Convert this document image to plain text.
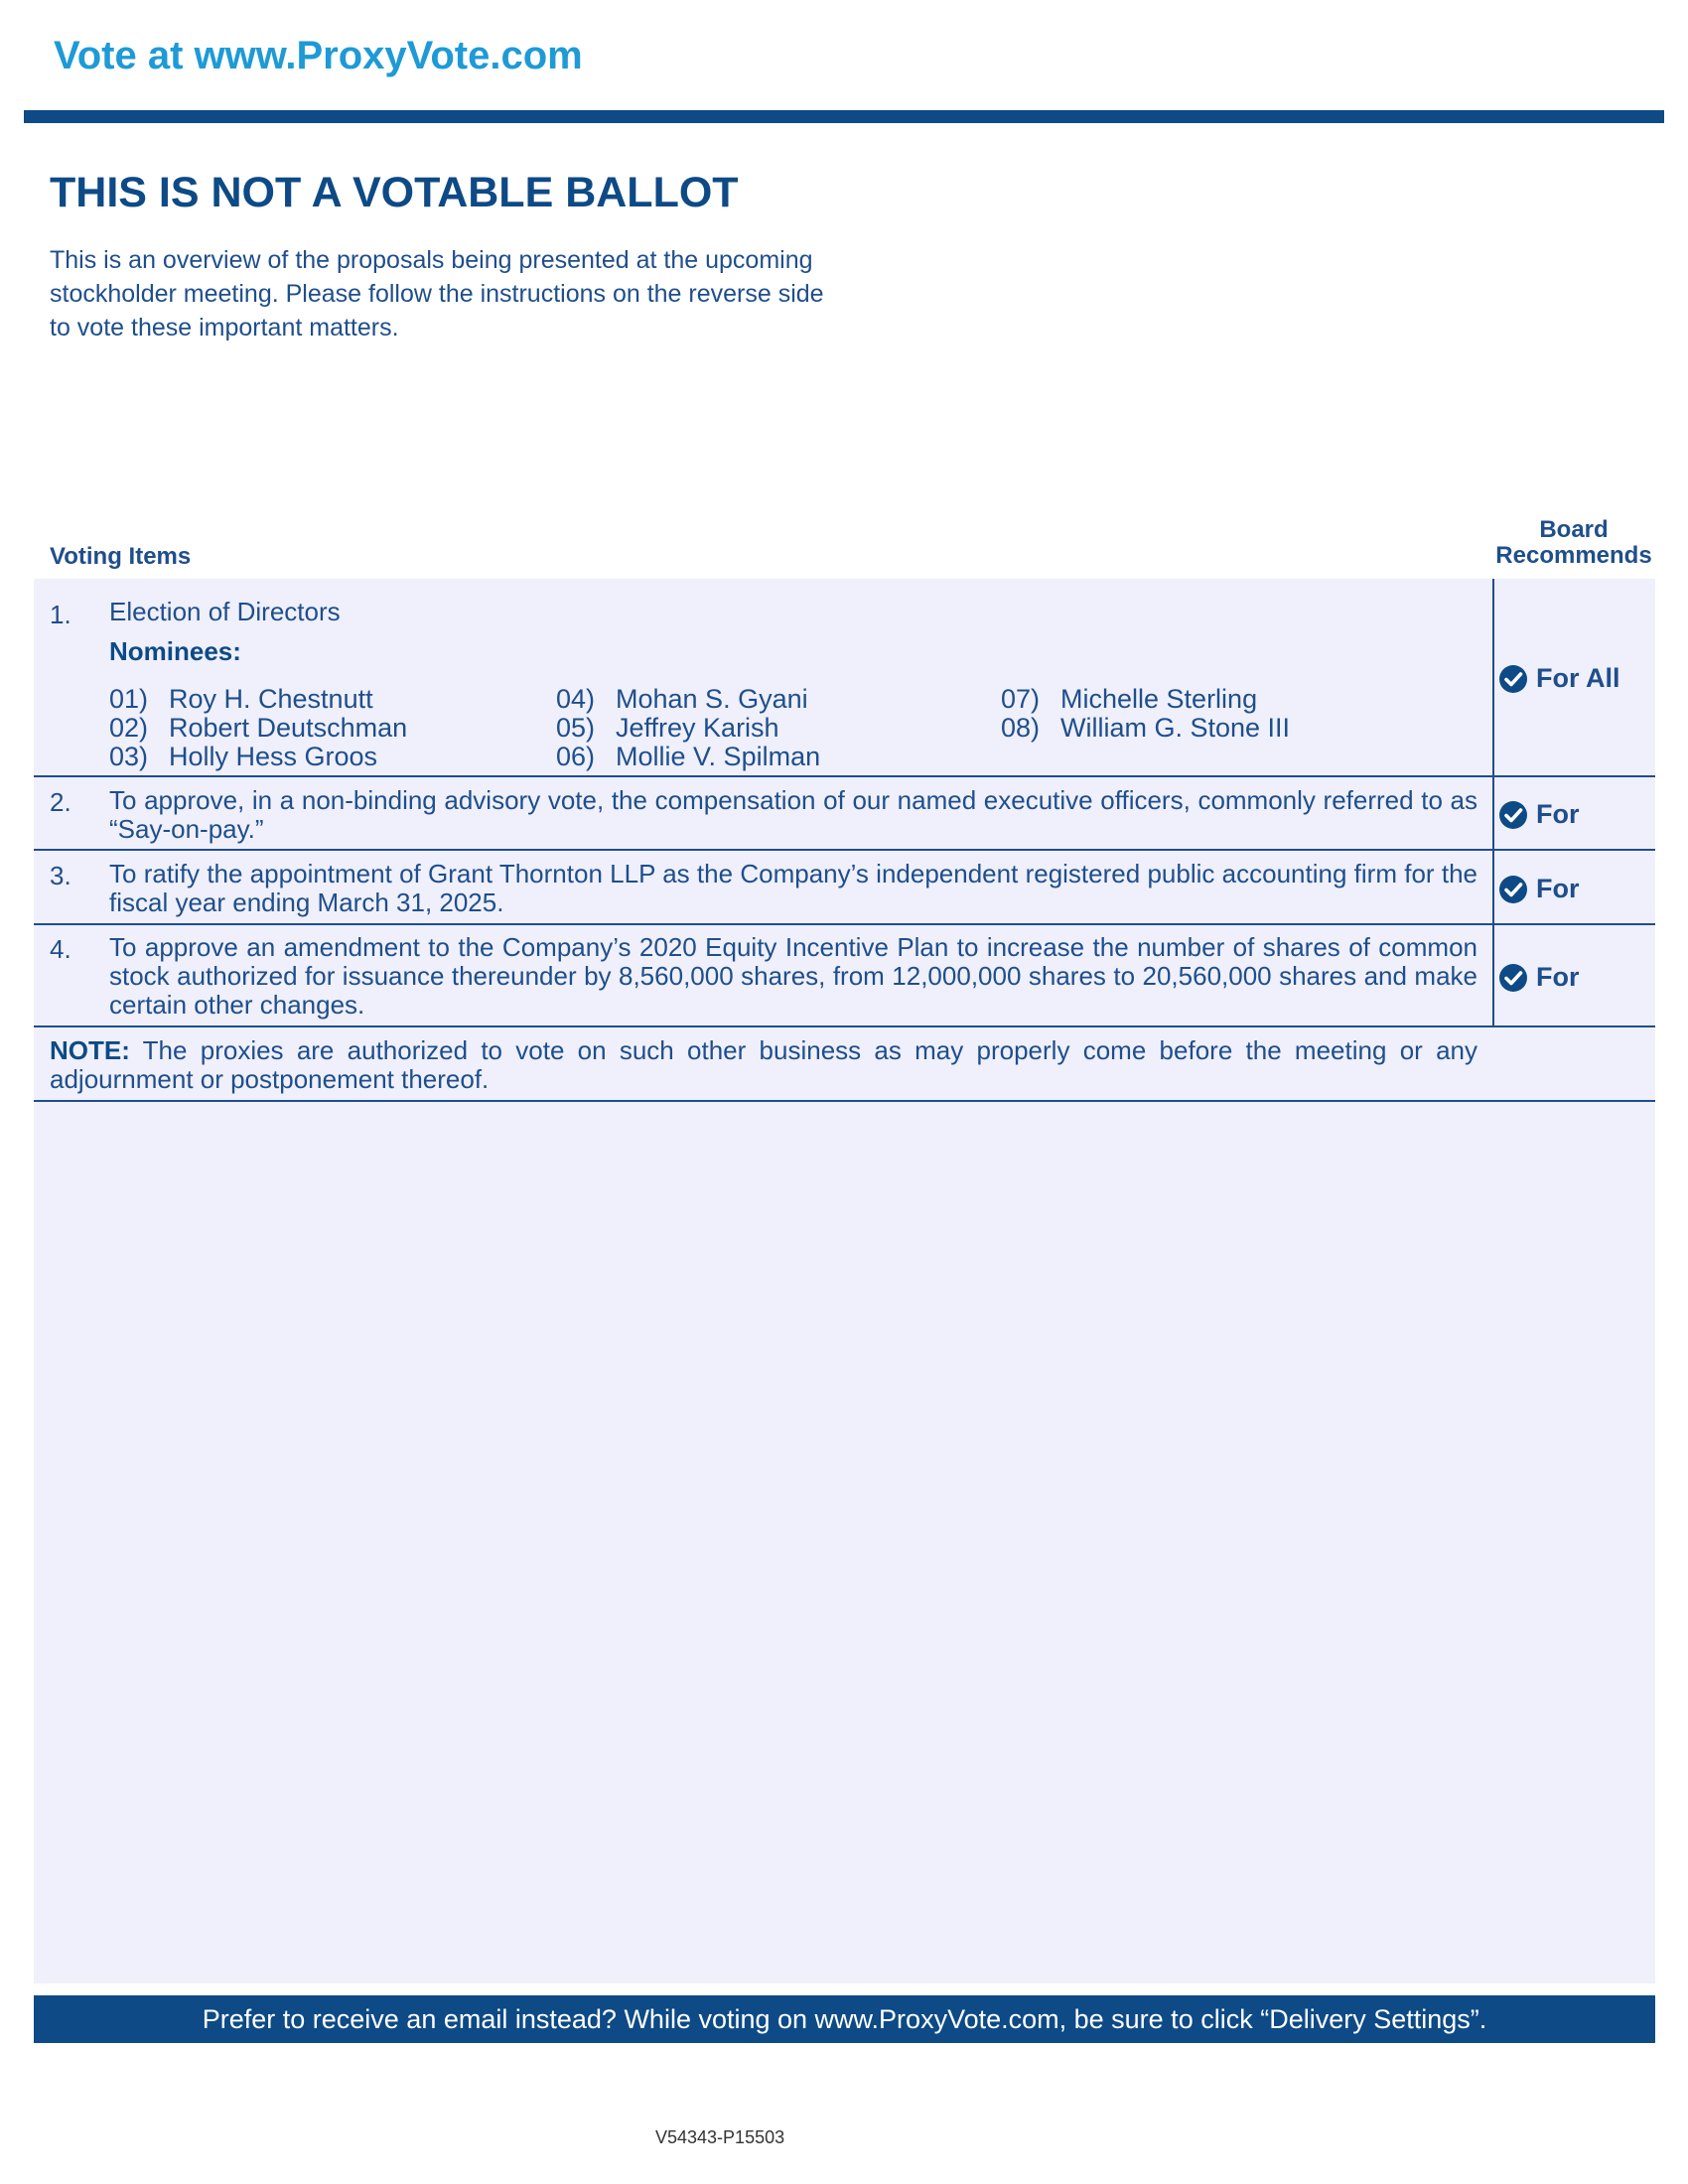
Vote at www.ProxyVote.com
THIS IS NOT A VOTABLE BALLOT

This is an overview of the proposals being presented at the upcoming stockholder meeting. Please follow the instructions on the reverse side to vote these important matters.

Voting Items
Board
Recommends
1. Election of Directors
Nominees:
01) Roy H. Chestnutt
02) Robert Deutschman
03) Holly Hess Groos
04) Mohan S. Gyani
05) Jeffrey Karish
06) Mollie V. Spilman
07) Michelle Sterling
08) William G. Stone III
For All
2. To approve, in a non-binding advisory vote, the compensation of our named executive officers, commonly referred to as “Say-on-pay.”	For
3. To ratify the appointment of Grant Thornton LLP as the Company’s independent registered public accounting firm for the fiscal year ending March 31, 2025.	For
4. To approve an amendment to the Company’s 2020 Equity Incentive Plan to increase the number of shares of common stock authorized for issuance thereunder by 8,560,000 shares, from 12,000,000 shares to 20,560,000 shares and make certain other changes.
For
NOTE: The proxies are authorized to vote on such other business as may properly come before the meeting or any adjournment or postponement thereof.
Prefer to receive an email instead? While voting on www.ProxyVote.com, be sure to click “Delivery Settings”.
V54343-P15503
